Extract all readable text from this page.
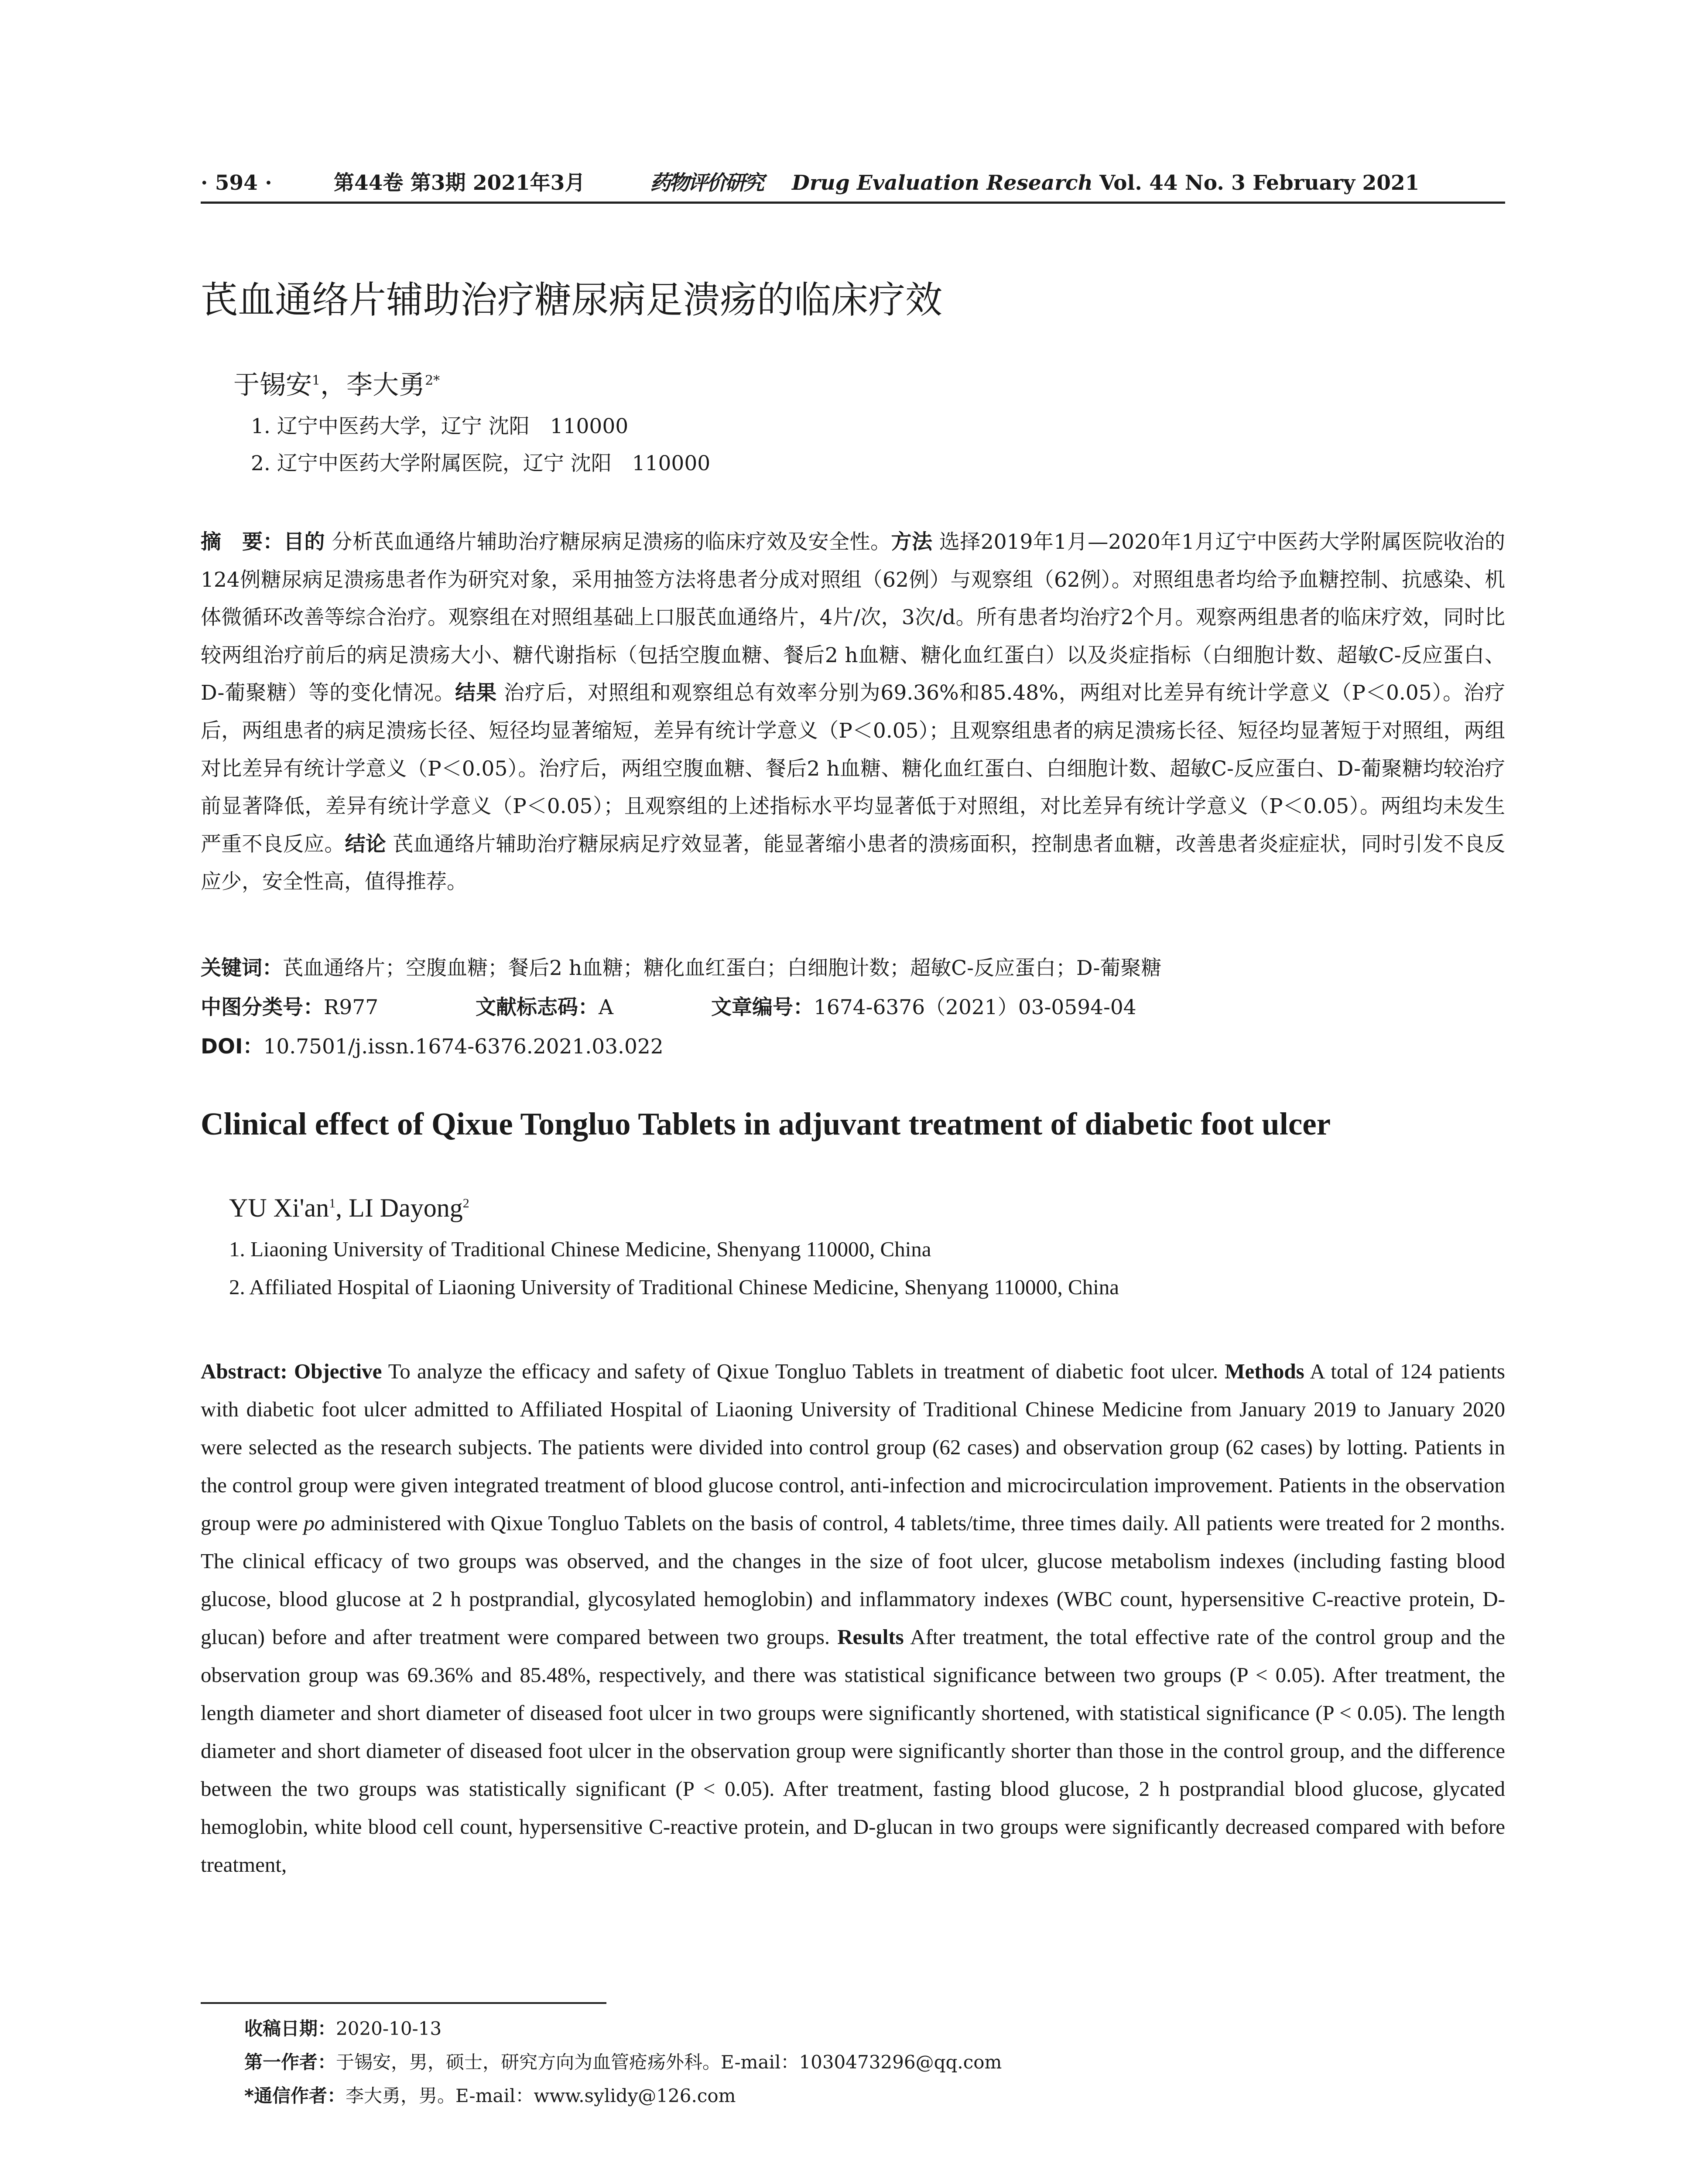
· 594 ·	第44卷 第3期 2021年3月	药物评价研究 Drug Evaluation Research Vol. 44 No. 3 February 2021
芪血通络片辅助治疗糖尿病足溃疡的临床疗效
于锡安$^1$，李大勇$^{2*}$
1. 辽宁中医药大学，辽宁 沈阳　110000
2. 辽宁中医药大学附属医院，辽宁 沈阳　110000
摘　要：目的 分析芪血通络片辅助治疗糖尿病足溃疡的临床疗效及安全性。方法 选择2019年1月—2020年1月辽宁中医药大学附属医院收治的124例糖尿病足溃疡患者作为研究对象，采用抽签方法将患者分成对照组（62例）与观察组（62例）。对照组患者均给予血糖控制、抗感染、机体微循环改善等综合治疗。观察组在对照组基础上口服芪血通络片，4片/次，3次/d。所有患者均治疗2个月。观察两组患者的临床疗效，同时比较两组治疗前后的病足溃疡大小、糖代谢指标（包括空腹血糖、餐后2 h血糖、糖化血红蛋白）以及炎症指标（白细胞计数、超敏C-反应蛋白、D-葡聚糖）等的变化情况。结果 治疗后，对照组和观察组总有效率分别为69.36%和85.48%，两组对比差异有统计学意义（P＜0.05）。治疗后，两组患者的病足溃疡长径、短径均显著缩短，差异有统计学意义（P＜0.05）；且观察组患者的病足溃疡长径、短径均显著短于对照组，两组对比差异有统计学意义（P＜0.05）。治疗后，两组空腹血糖、餐后2 h血糖、糖化血红蛋白、白细胞计数、超敏C-反应蛋白、D-葡聚糖均较治疗前显著降低，差异有统计学意义（P＜0.05）；且观察组的上述指标水平均显著低于对照组，对比差异有统计学意义（P＜0.05）。两组均未发生严重不良反应。结论 芪血通络片辅助治疗糖尿病足疗效显著，能显著缩小患者的溃疡面积，控制患者血糖，改善患者炎症症状，同时引发不良反应少，安全性高，值得推荐。
关键词：芪血通络片；空腹血糖；餐后2 h血糖；糖化血红蛋白；白细胞计数；超敏C-反应蛋白；D-葡聚糖
中图分类号：R977	文献标志码：A	文章编号：1674-6376（2021）03-0594-04
DOI：10.7501/j.issn.1674-6376.2021.03.022
Clinical effect of Qixue Tongluo Tablets in adjuvant treatment of diabetic foot ulcer
YU $Xi'an^1$, LI Dayong$^2$
1. Liaoning University of Traditional Chinese Medicine, Shenyang 110000, China
2. Affiliated Hospital of Liaoning University of Traditional Chinese Medicine, Shenyang 110000, China
Abstract: Objective To analyze the efficacy and safety of Qixue Tongluo Tablets in treatment of diabetic foot ulcer. Methods A total of 124 patients with diabetic foot ulcer admitted to Affiliated Hospital of Liaoning University of Traditional Chinese Medicine from January 2019 to January 2020 were selected as the research subjects. The patients were divided into control group (62 cases) and observation group (62 cases) by lotting. Patients in the control group were given integrated treatment of blood glucose control, anti-infection and microcirculation improvement. Patients in the observation group were po administered with Qixue Tongluo Tablets on the basis of control, 4 tablets/time, three times daily. All patients were treated for 2 months. The clinical efficacy of two groups was observed, and the changes in the size of foot ulcer, glucose metabolism indexes (including fasting blood glucose, blood glucose at 2 h postprandial, glycosylated hemoglobin) and inflammatory indexes (WBC count, hypersensitive C-reactive protein, D-glucan) before and after treatment were compared between two groups. Results After treatment, the total effective rate of the control group and the observation group was 69.36% and 85.48%, respectively, and there was statistical significance between two groups (P < 0.05). After treatment, the length diameter and short diameter of diseased foot ulcer in two groups were significantly shortened, with statistical significance (P < 0.05). The length diameter and short diameter of diseased foot ulcer in the observation group were significantly shorter than those in the control group, and the difference between the two groups was statistically significant (P < 0.05). After treatment, fasting blood glucose, 2 h postprandial blood glucose, glycated hemoglobin, white blood cell count, hypersensitive C-reactive protein, and D-glucan in two groups were significantly decreased compared with before treatment,
收稿日期：2020-10-13
第一作者：于锡安，男，硕士，研究方向为血管疮疡外科。E-mail：1030473296@qq.com
*通信作者：李大勇，男。E-mail：www.sylidy@126.com
